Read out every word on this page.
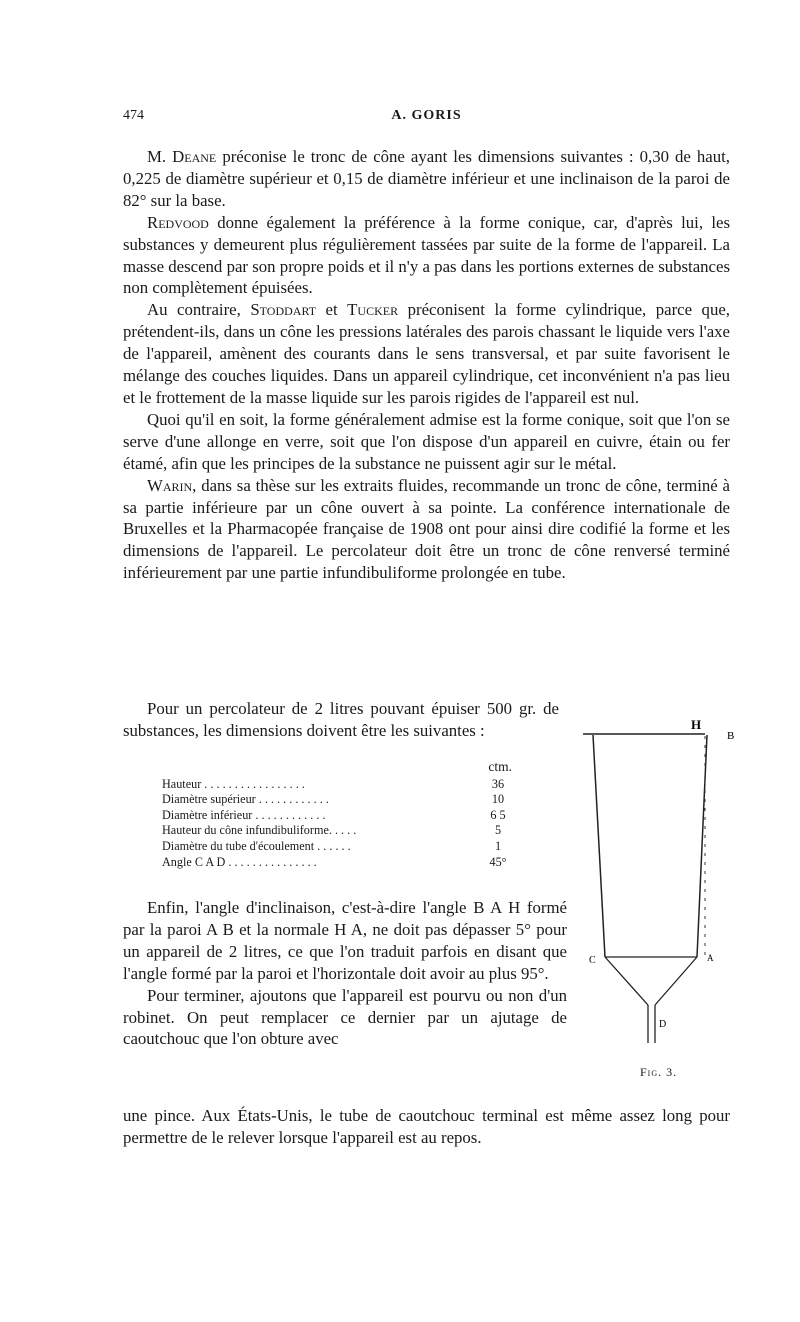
474	A. GORIS

M. Deane préconise le tronc de cône ayant les dimensions suivantes : 0,30 de haut, 0,225 de diamètre supérieur et 0,15 de diamètre inférieur et une inclinaison de la paroi de 82° sur la base.

Redvood donne également la préférence à la forme conique, car, d'après lui, les substances y demeurent plus régulièrement tassées par suite de la forme de l'appareil. La masse descend par son propre poids et il n'y a pas dans les portions externes de substances non complètement épuisées.

Au contraire, Stoddart et Tucker préconisent la forme cylindrique, parce que, prétendent-ils, dans un cône les pressions latérales des parois chassant le liquide vers l'axe de l'appareil, amènent des courants dans le sens transversal, et par suite favorisent le mélange des couches liquides. Dans un appareil cylindrique, cet inconvénient n'a pas lieu et le frottement de la masse liquide sur les parois rigides de l'appareil est nul.

Quoi qu'il en soit, la forme généralement admise est la forme conique, soit que l'on se serve d'une allonge en verre, soit que l'on dispose d'un appareil en cuivre, étain ou fer étamé, afin que les principes de la substance ne puissent agir sur le métal.

Warin, dans sa thèse sur les extraits fluides, recommande un tronc de cône, terminé à sa partie inférieure par un cône ouvert à sa pointe. La conférence internationale de Bruxelles et la Pharmacopée française de 1908 ont pour ainsi dire codifié la forme et les dimensions de l'appareil. Le percolateur doit être un tronc de cône renversé terminé inférieurement par une partie infundibuliforme prolongée en tube.

Pour un percolateur de 2 litres pouvant épuiser 500 gr. de substances, les dimensions doivent être les suivantes :

ctm.
Hauteur . . . . . . . . . . . . . . . . .	36
Diamètre supérieur . . . . . . . . . . . .	10
Diamètre inférieur . . . . . . . . . . . .	6 5
Hauteur du cône infundibuliforme. . . . .	5
Diamètre du tube d'écoulement . . . . . .	1
Angle C A D . . . . . . . . . . . . . . .	45°

Enfin, l'angle d'inclinaison, c'est-à-dire l'angle B A H formé par la paroi A B et la normale H A, ne doit pas dépasser 5° pour un appareil de 2 litres, ce que l'on traduit parfois en disant que l'angle formé par la paroi et l'horizontale doit avoir au plus 95°.

Pour terminer, ajoutons que l'appareil est pourvu ou non d'un robinet. On peut remplacer ce dernier par un ajutage de caoutchouc que l'on obture avec

une pince. Aux États-Unis, le tube de caoutchouc terminal est même assez long pour permettre de le relever lorsque l'appareil est au repos.

H
B
C	A
D
Fig. 3.
